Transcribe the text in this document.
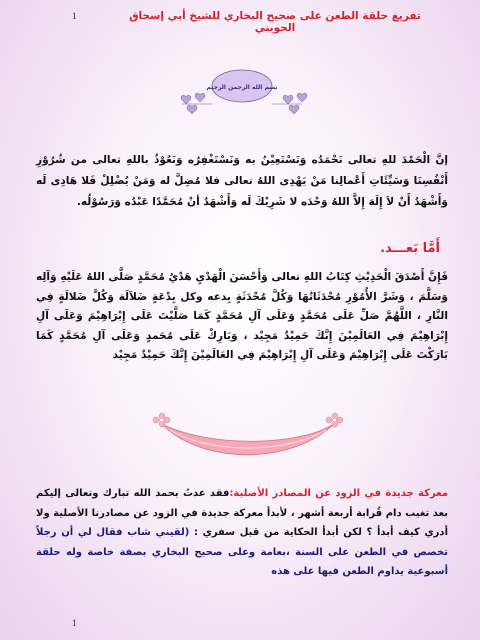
1	تفريغ حلقة الطعن على صحيح البخاري للشيخ أبي إسحاق الحويني
بسم الله الرحمن الرحيم
إنَّ الْحَمْدَ للهِ تعالى نَحْمَدُه وَنَسْتَعِيْنُ به وَنَسْتَغْفِرُه وَنَعُوْذُ باللهِ تعالى من شُرُوْرِ أَنْفُسِنَا وَسَيِّئَاتِ أَعْمالِنا مَنْ يَهْدِى اللهُ تعالى فلا مُضِلَّ له وَمَنْ يُضْلِلْ فَلا هَادِى لَه وَأَشْهَدُ أَنْ لاَ إِلَهَ إِلاَّ اللهُ وَحْدَه لا شَرِيْكَ لَه وَأَشْهَدُ أنْ مُحَمَّدًا عَبْدُه وَرَسُوْلُه.
أَمَّا بَعـــد.
فَإِنَّ أَصْدَقَ الْحَدِيْثِ كِتَابُ اللهِ تعالى وَأَحْسَنَ الْهَدْيِ هَدْيُ مُحَمَّدٍ صَلَّى اللهُ عَلَيْهِ وَآلِه وَسَلَّمَ ، وَشَرَّ الأُمُوْرِ مُحْدَثَاتُهَا وَكُلَّ مُحْدَثَةٍ بِدعه وكل بِدْعَةٍ ضَلاَلَة وَكُلَّ ضَلالَةٍ فِي النَّارِ ، اللَّهُمَّ صَلِّ عَلَى مُحَمَّدٍ وَعَلَى آلِ مُحَمَّدٍ كَمَا صَلَّيْتَ عَلَى إِبْرَاهِيْمَ وَعَلَى آلِ إِبْرَاهِيْمَ فِي العَالَمِيْنَ إِنَّكَ حَمِيْدٌ مَجِيْد ، وَبَارِكْ عَلَى مُحَمدٍ وَعَلَى آلِ مُحَمَّدٍ كَمَا بَارَكْتَ عَلَى إِبْرَاهِيْمَ وَعَلَى آلِ إِبْرَاهِيْمَ فِي العَالَمِيْنَ إِنَّكَ حَمِيْدٌ مَجِيْد
معركة جديدة في الزود عن المصادر الأصلية:فقد عدتُ بحمد الله تبارك وتعالى إليكم بعد تغيب دام قُرابة أربعة أشهر ، لأبدأ معركة جديدة في الزود عن مصادرنا الأصلية ولا أدري كيف أبدأ ؟ لكن أبدأ الحكاية من قبل سفري : (لقيني شاب فقال لي أن رجلاً تخصص في الطعن على السنة ،بعامة وعلى صحيح البخاري بصفة خاصة وله حلقة أسبوعية يداوم الطعن فيها على هذه
1
